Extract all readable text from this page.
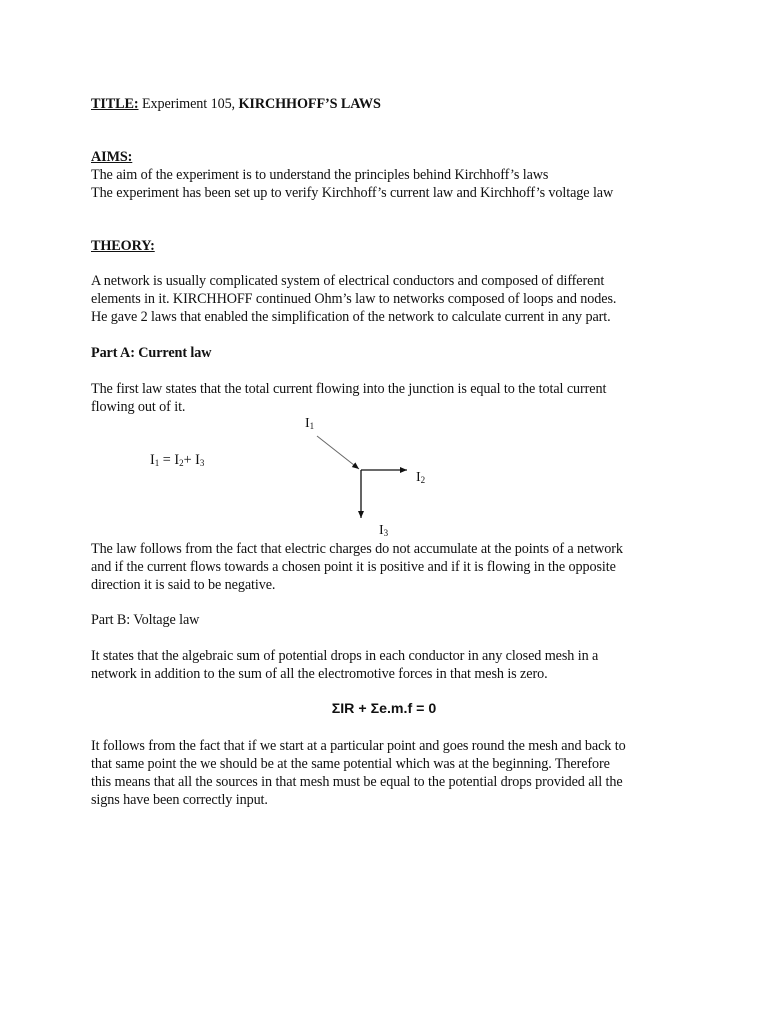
TITLE: Experiment 105, KIRCHHOFF’S LAWS
AIMS:
The aim of the experiment is to understand the principles behind Kirchhoff’s laws
The experiment has been set up to verify Kirchhoff’s current law and Kirchhoff’s voltage law
THEORY:
A network is usually complicated system of electrical conductors and composed of different
elements in it. KIRCHHOFF continued Ohm’s law to networks composed of loops and nodes.
He gave 2 laws that enabled the simplification of the network to calculate current in any part.
Part A: Current law
The first law states that the total current flowing into the junction is equal to the total current
flowing out of it.
$I_1 = I_2+ I_3$
$I_1$
$I_2$
$I_3$
The law follows from the fact that electric charges do not accumulate at the points of a network
and if the current flows towards a chosen point it is positive and if it is flowing in the opposite
direction it is said to be negative.
Part B: Voltage law
It states that the algebraic sum of potential drops in each conductor in any closed mesh in a
network in addition to the sum of all the electromotive forces in that mesh is zero.
ΣIR + Σe.m.f = 0
It follows from the fact that if we start at a particular point and goes round the mesh and back to
that same point the we should be at the same potential which was at the beginning. Therefore
this means that all the sources in that mesh must be equal to the potential drops provided all the
signs have been correctly input.
